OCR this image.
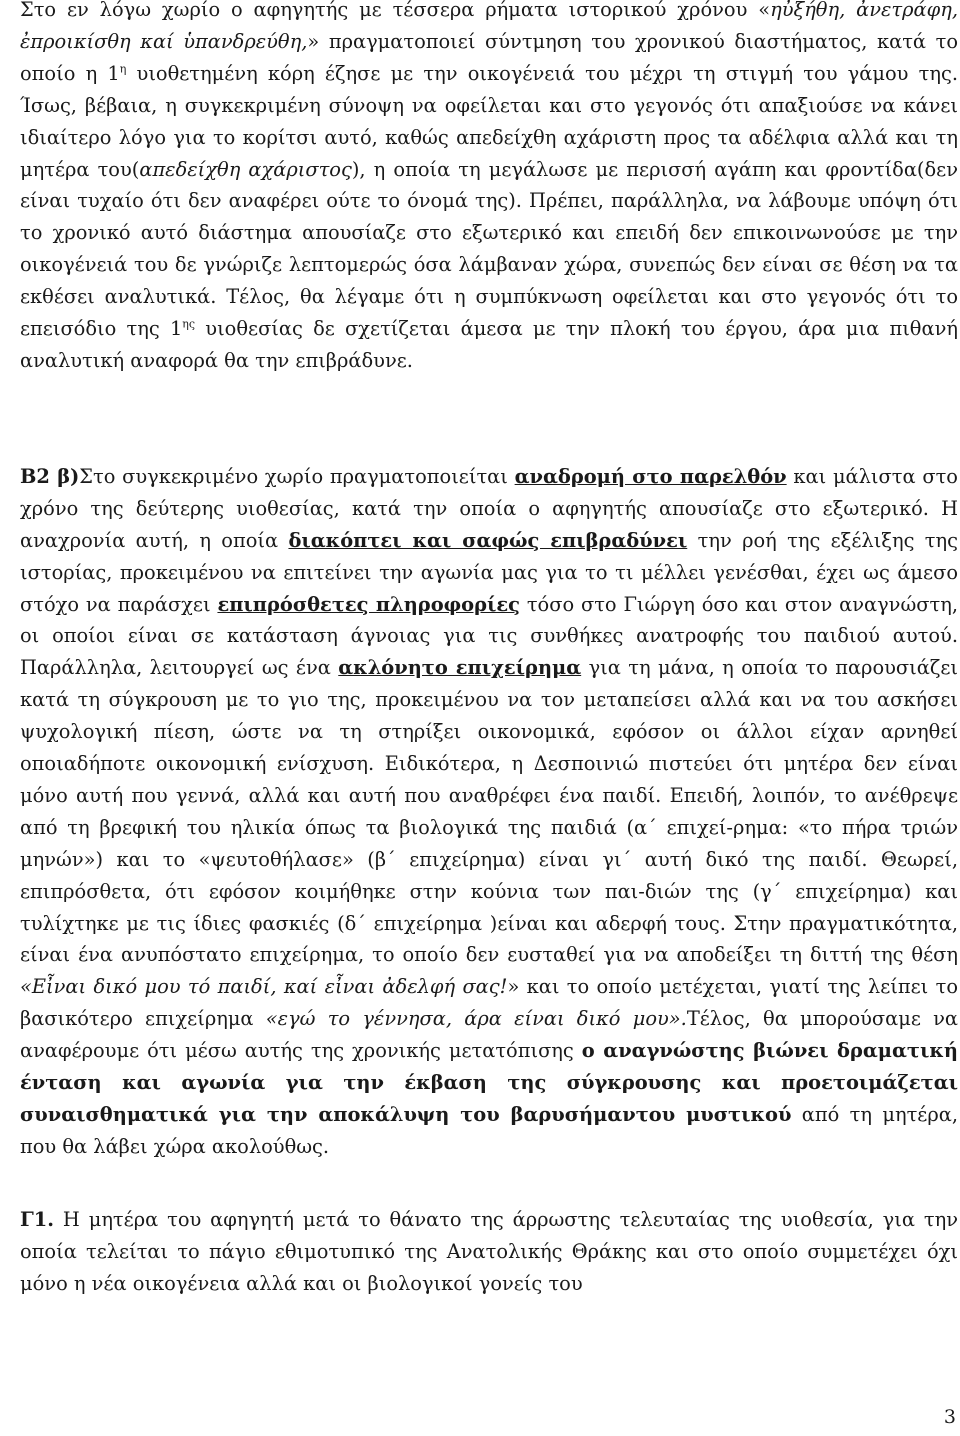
Στο εν λόγω χωρίο ο αφηγητής με τέσσερα ρήματα ιστορικού χρόνου «ηὐξήθη, ἀνετράφη, ἐπροικίσθη καί ὑπανδρεύθη,» πραγματοποιεί σύντμηση του χρονικού διαστήματος, κατά το οποίο η $1^\eta$ υιοθετημένη κόρη έζησε με την οικογένειά του μέχρι τη στιγμή του γάμου της. Ίσως, βέβαια, η συγκεκριμένη σύνοψη να οφείλεται και στο γεγονός ότι απαξιούσε να κάνει ιδιαίτερο λόγο για το κορίτσι αυτό, καθώς απεδείχθη αχάριστη προς τα αδέλφια αλλά και τη μητέρα του(απεδείχθη αχάριστος), η οποία τη μεγάλωσε με περισσή αγάπη και φροντίδα(δεν είναι τυχαίο ότι δεν αναφέρει ούτε το όνομά της). Πρέπει, παράλληλα, να λάβουμε υπόψη ότι το χρονικό αυτό διάστημα απουσίαζε στο εξωτερικό και επειδή δεν επικοινωνούσε με την οικογένειά του δε γνώριζε λεπτομερώς όσα λάμβαναν χώρα, συνεπώς δεν είναι σε θέση να τα εκθέσει αναλυτικά. Τέλος, θα λέγαμε ότι η συμπύκνωση οφείλεται και στο γεγονός ότι το επεισόδιο της $1^{\eta\varsigma}$ υιοθεσίας δε σχετίζεται άμεσα με την πλοκή του έργου, άρα μια πιθανή αναλυτική αναφορά θα την επιβράδυνε.

Β2 β)Στο συγκεκριμένο χωρίο πραγματοποιείται αναδρομή στο παρελθόν και μάλιστα στο χρόνο της δεύτερης υιοθεσίας, κατά την οποία ο αφηγητής απουσίαζε στο εξωτερικό. Η αναχρονία αυτή, η οποία διακόπτει και σαφώς επιβραδύνει την ροή της εξέλιξης της ιστορίας, προκειμένου να επιτείνει την αγωνία μας για το τι μέλλει γενέσθαι, έχει ως άμεσο στόχο να παράσχει επιπρόσθετες πληροφορίες τόσο στο Γιώργη όσο και στον αναγνώστη, οι οποίοι είναι σε κατάσταση άγνοιας για τις συνθήκες ανατροφής του παιδιού αυτού. Παράλληλα, λειτουργεί ως ένα ακλόνητο επιχείρημα για τη μάνα, η οποία το παρουσιάζει κατά τη σύγκρουση με το γιο της, προκειμένου να τον μεταπείσει αλλά και να του ασκήσει ψυχολογική πίεση, ώστε να τη στηρίξει οικονομικά, εφόσον οι άλλοι είχαν αρνηθεί οποιαδήποτε οικονομική ενίσχυση. Ειδικότερα, η Δεσποινιώ πιστεύει ότι μητέρα δεν είναι μόνο αυτή που γεννά, αλλά και αυτή που αναθρέφει ένα παιδί. Επειδή, λοιπόν, το ανέθρεψε από τη βρεφική του ηλικία όπως τα βιολογικά της παιδιά (α΄ επιχεί-ρημα: «το πήρα τριών μηνών») και το «ψευτοθήλασε» (β΄ επιχείρημα) είναι γι΄ αυτή δικό της παιδί. Θεωρεί, επιπρόσθετα, ότι εφόσον κοιμήθηκε στην κούνια των παι-διών της (γ΄ επιχείρημα) και τυλίχτηκε με τις ίδιες φασκιές (δ΄ επιχείρημα )είναι και αδερφή τους. Στην πραγματικότητα, είναι ένα ανυπόστατο επιχείρημα, το οποίο δεν ευσταθεί για να αποδείξει τη διττή της θέση «Εἶναι δικό μου τό παιδί, καί εἶναι ἀδελφή σας!» και το οποίο μετέχεται, γιατί της λείπει το βασικότερο επιχείρημα «εγώ το γέννησα, άρα είναι δικό μου».Τέλος, θα μπορούσαμε να αναφέρουμε ότι μέσω αυτής της χρονικής μετατόπισης ο αναγνώστης βιώνει δραματική ένταση και αγωνία για την έκβαση της σύγκρουσης και προετοιμάζεται συναισθηματικά για την αποκάλυψη του βαρυσήμαντου μυστικού από τη μητέρα, που θα λάβει χώρα ακολούθως.

Γ1. Η μητέρα του αφηγητή μετά το θάνατο της άρρωστης τελευταίας της υιοθεσία, για την οποία τελείται το πάγιο εθιμοτυπικό της Ανατολικής Θράκης και στο οποίο συμμετέχει όχι μόνο η νέα οικογένεια αλλά και οι βιολογικοί γονείς του

3
